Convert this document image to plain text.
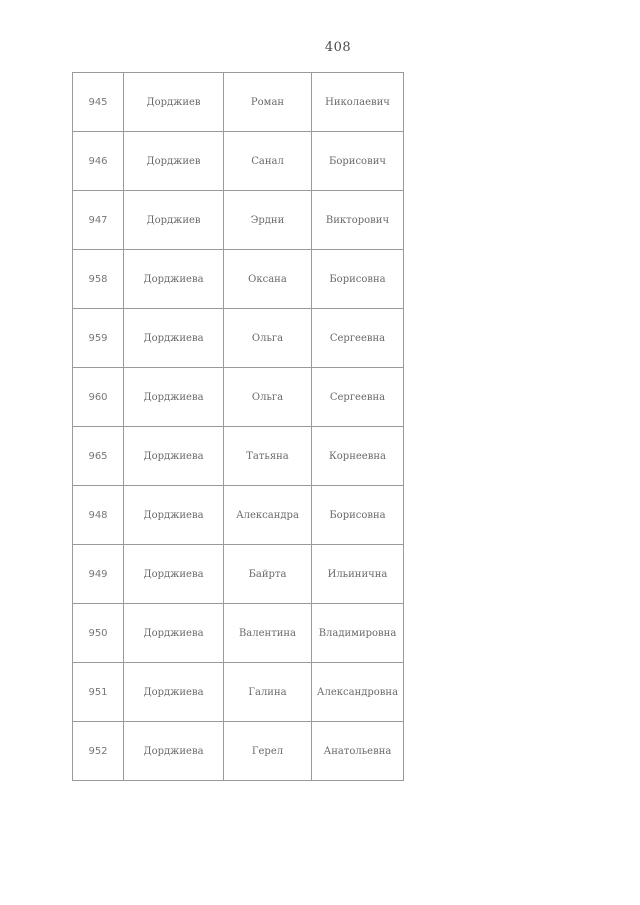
408
945	Дорджиев	Роман	Николаевич
946	Дорджиев	Санал	Борисович
947	Дорджиев	Эрдни	Викторович
958	Дорджиева	Оксана	Борисовна
959	Дорджиева	Ольга	Сергеевна
960	Дорджиева	Ольга	Сергеевна
965	Дорджиева	Татьяна	Корнеевна
948	Дорджиева	Александра	Борисовна
949	Дорджиева	Байрта	Ильинична
950	Дорджиева	Валентина	Владимировна
951	Дорджиева	Галина	Александровна
952	Дорджиева	Герел	Анатольевна
